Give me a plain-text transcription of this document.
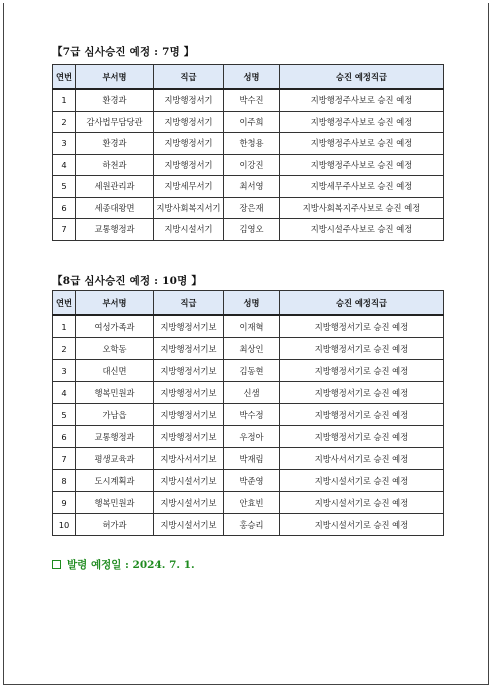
【7급 심사승진 예정 : 7명 】
연번	부서명	직급	성명	승진 예정직급
1	환경과	지방행정서기	박수진	지방행정주사보로 승진 예정
2	감사법무담당관	지방행정서기	이주희	지방행정주사보로 승진 예정
3	환경과	지방행정서기	한청용	지방행정주사보로 승진 예정
4	하천과	지방행정서기	이강진	지방행정주사보로 승진 예정
5	세원관리과	지방세무서기	최서영	지방세무주사보로 승진 예정
6	세종대왕면	지방사회복지서기	장은재	지방사회복지주사보로 승진 예정
7	교통행정과	지방시설서기	김영오	지방시설주사보로 승진 예정
【8급 심사승진 예정 : 10명 】
연번	부서명	직급	성명	승진 예정직급
1	여성가족과	지방행정서기보	이재혁	지방행정서기로 승진 예정
2	오학동	지방행정서기보	최상인	지방행정서기로 승진 예정
3	대신면	지방행정서기보	김동현	지방행정서기로 승진 예정
4	행복민원과	지방행정서기보	신샘	지방행정서기로 승진 예정
5	가남읍	지방행정서기보	박수정	지방행정서기로 승진 예정
6	교통행정과	지방행정서기보	우정아	지방행정서기로 승진 예정
7	평생교육과	지방사서서기보	박재림	지방사서서기로 승진 예정
8	도시계획과	지방시설서기보	박준영	지방시설서기로 승진 예정
9	행복민원과	지방시설서기보	안효빈	지방시설서기로 승진 예정
10	허가과	지방시설서기보	홍승리	지방시설서기로 승진 예정
발령 예정일 : 2024. 7. 1.
